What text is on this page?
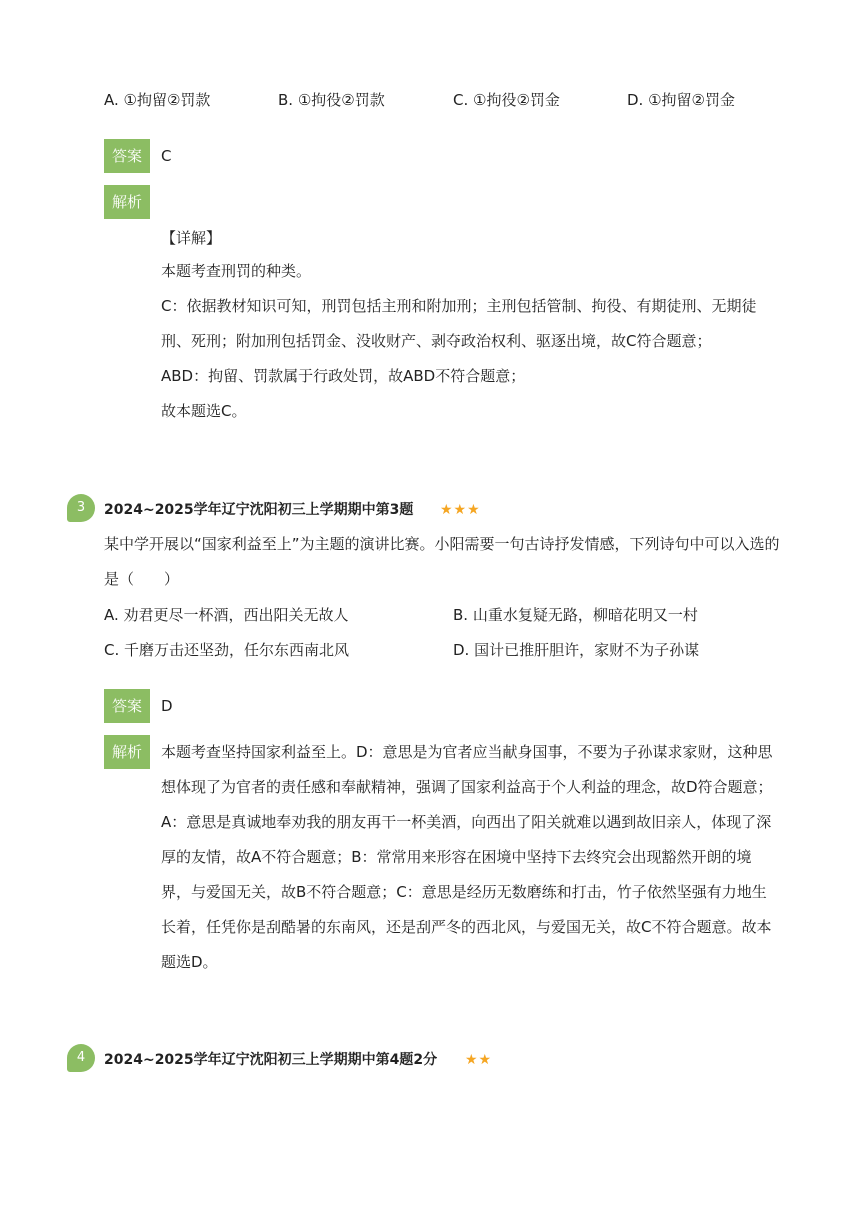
A. ①拘留②罚款	B. ①拘役②罚款	C. ①拘役②罚金	D. ①拘留②罚金
答案	C
解析
【详解】
本题考查刑罚的种类。
C：依据教材知识可知，刑罚包括主刑和附加刑；主刑包括管制、拘役、有期徒刑、无期徒
刑、死刑；附加刑包括罚金、没收财产、剥夺政治权利、驱逐出境，故C符合题意；
ABD：拘留、罚款属于行政处罚，故ABD不符合题意；
故本题选C。
3	2024~2025学年辽宁沈阳初三上学期期中第3题 ★★★
某中学开展以“国家利益至上”为主题的演讲比赛。小阳需要一句古诗抒发情感，下列诗句中可以入选的
是（　　）
A. 劝君更尽一杯酒，西出阳关无故人	B. 山重水复疑无路，柳暗花明又一村
C. 千磨万击还坚劲，任尔东西南北风	D. 国计已推肝胆许，家财不为子孙谋
答案	D
解析	本题考查坚持国家利益至上。D：意思是为官者应当献身国事，不要为子孙谋求家财，这种思
想体现了为官者的责任感和奉献精神，强调了国家利益高于个人利益的理念，故D符合题意；
A：意思是真诚地奉劝我的朋友再干一杯美酒，向西出了阳关就难以遇到故旧亲人，体现了深
厚的友情，故A不符合题意；B：常常用来形容在困境中坚持下去终究会出现豁然开朗的境
界，与爱国无关，故B不符合题意；C：意思是经历无数磨练和打击，竹子依然坚强有力地生
长着，任凭你是刮酷暑的东南风，还是刮严冬的西北风，与爱国无关，故C不符合题意。故本
题选D。
4	2024~2025学年辽宁沈阳初三上学期期中第4题2分 ★★
